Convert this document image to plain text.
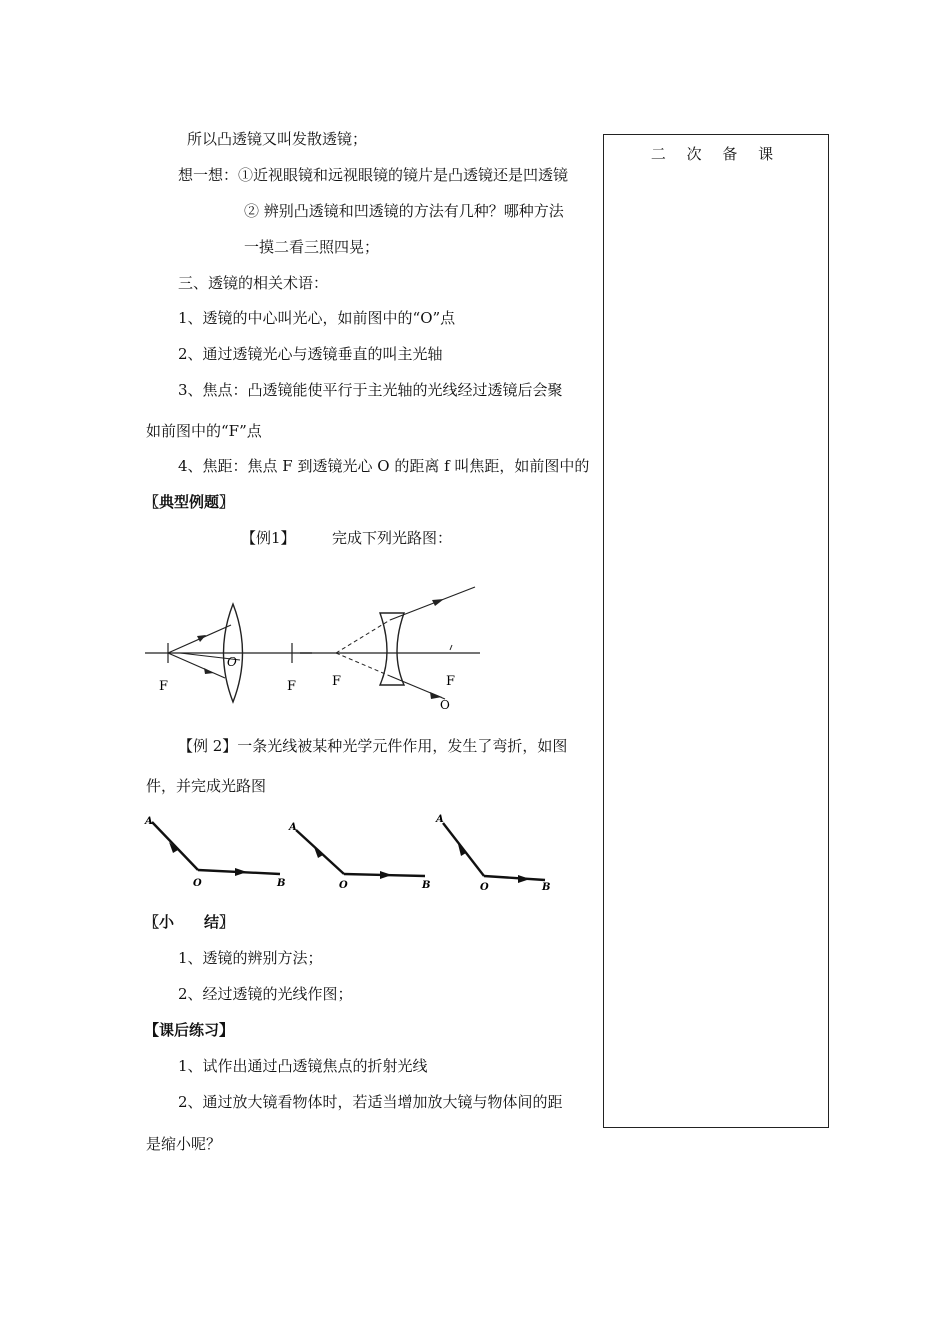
所以凸透镜又叫发散透镜；
想一想：①近视眼镜和远视眼镜的镜片是凸透镜还是凹透镜
② 辨别凸透镜和凹透镜的方法有几种？哪种方法
一摸二看三照四晃；
三、透镜的相关术语：
1、透镜的中心叫光心，如前图中的“O”点
2、通过透镜光心与透镜垂直的叫主光轴
3、焦点：凸透镜能使平行于主光轴的光线经过透镜后会聚
如前图中的“F”点
4、焦距：焦点 F 到透镜光心 O 的距离 f 叫焦距，如前图中的
〖典型例题〗
【例1】 完成下列光路图：
F
O
F	F	F
O
【例 2】一条光线被某种光学元件作用，发生了弯折，如图
件，并完成光路图
A
O	B
A
O	B
A
O	B
〖小　　结〗
1、透镜的辨别方法；
2、经过透镜的光线作图；
【课后练习】
1、试作出通过凸透镜焦点的折射光线
2、通过放大镜看物体时，若适当增加放大镜与物体间的距
是缩小呢？
二 次 备 课
